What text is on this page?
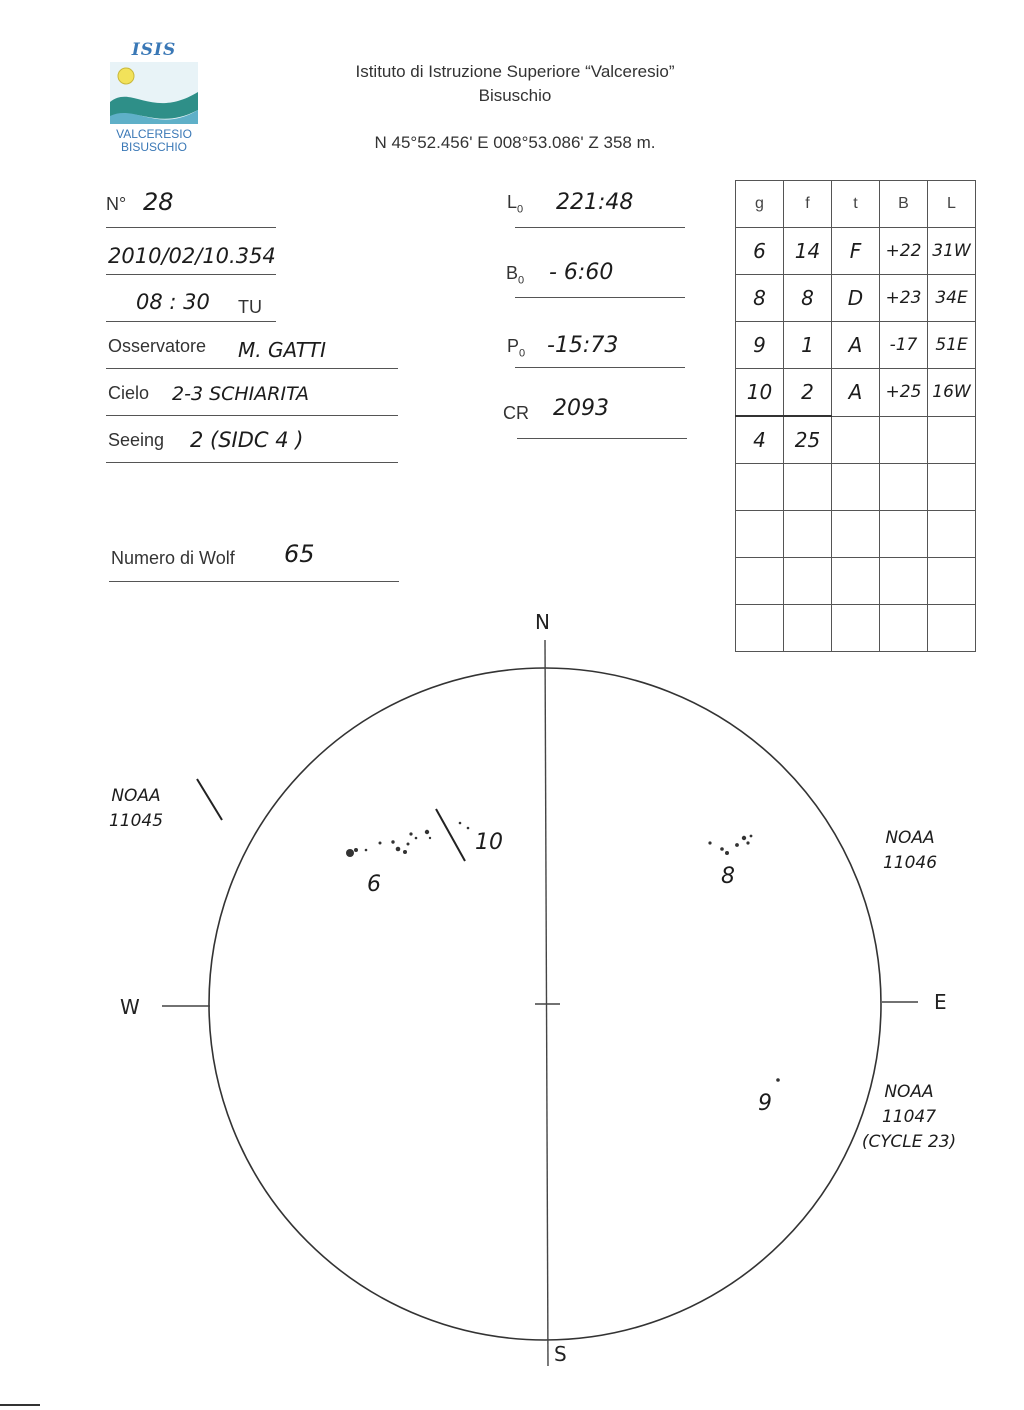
ISIS
VALCERESIO
BISUSCHIO
Istituto di Istruzione Superiore “Valceresio”
Bisuschio
N 45°52.456' E 008°53.086' Z 358 m.
N° 28
2010/02/10.354
08 : 30 TU
Osservatore M. GATTI
Cielo 2-3 SCHIARITA
Seeing 2 (SIDC 4 )
Numero di Wolf 65
$L_0$ 221:48
$B_0$ - 6:60
$P_0$ -15:73
CR 2093
g	f	t	B	L
6	14	F	+22	31W
8	8	D	+23	34E
9	1	A	-17	51E
10	2	A	+25	16W
4	25			

N
S
W	E
6
10
8
9
NOAA
11045
NOAA
11046
NOAA
11047
(CYCLE 23)
